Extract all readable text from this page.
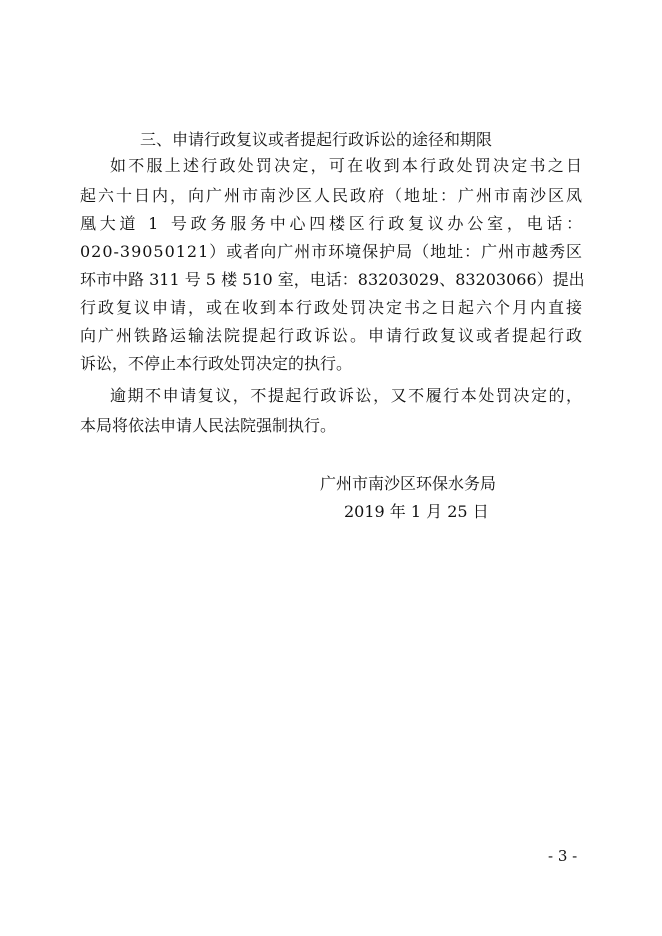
三、申请行政复议或者提起行政诉讼的途径和期限
如不服上述行政处罚决定，可在收到本行政处罚决定书之日
起六十日内，向广州市南沙区人民政府（地址：广州市南沙区凤
凰大道 1 号政务服务中心四楼区行政复议办公室，电话：
020-39050121）或者向广州市环境保护局（地址：广州市越秀区
环市中路 311 号 5 楼 510 室，电话：83203029、83203066）提出
行政复议申请，或在收到本行政处罚决定书之日起六个月内直接
向广州铁路运输法院提起行政诉讼。申请行政复议或者提起行政
诉讼，不停止本行政处罚决定的执行。
逾期不申请复议，不提起行政诉讼，又不履行本处罚决定的，
本局将依法申请人民法院强制执行。
广州市南沙区环保水务局
2019 年 1 月 25 日
- 3 -
